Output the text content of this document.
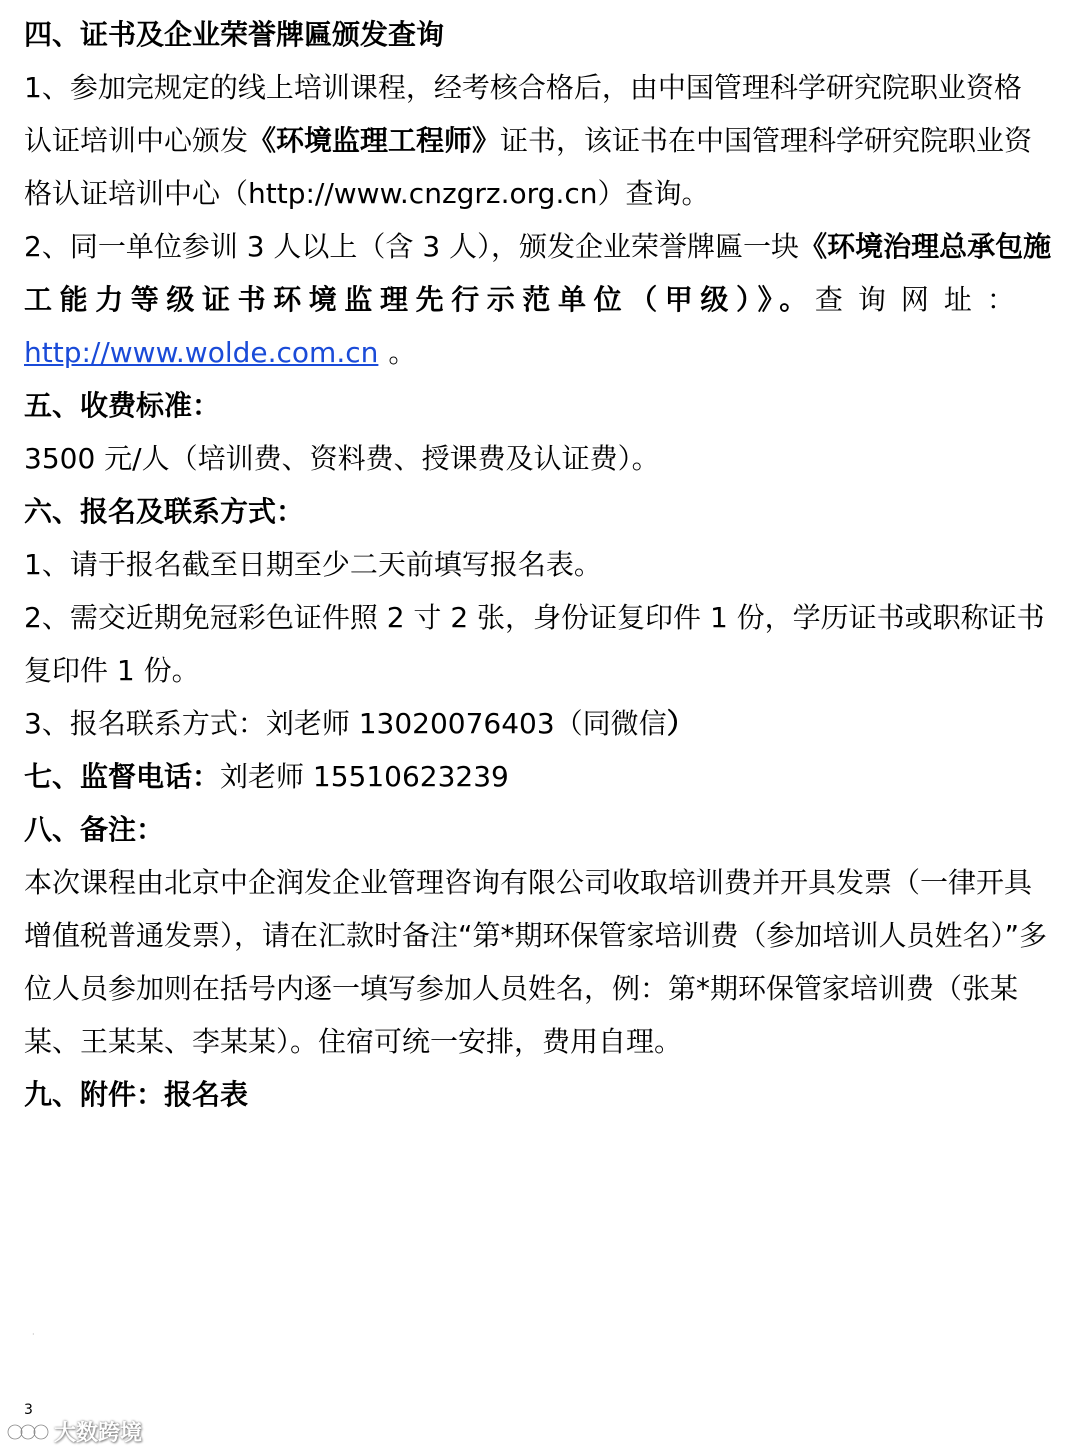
四、证书及企业荣誉牌匾颁发查询
1、参加完规定的线上培训课程，经考核合格后，由中国管理科学研究院职业资格
认证培训中心颁发《环境监理工程师》证书，该证书在中国管理科学研究院职业资
格认证培训中心（http://www.cnzgrz.org.cn）查询。
2、同一单位参训 3 人以上（含 3 人），颁发企业荣誉牌匾一块《环境治理总承包施
工能力等级证书环境监理先行示范单位（甲级）》。查询网址：
http://www.wolde.com.cn 。
五、收费标准：
3500 元/人（培训费、资料费、授课费及认证费）。
六、报名及联系方式：
1、请于报名截至日期至少二天前填写报名表。
2、需交近期免冠彩色证件照 2 寸 2 张，身份证复印件 1 份，学历证书或职称证书
复印件 1 份。
3、报名联系方式：刘老师 13020076403（同微信）
七、监督电话：刘老师 15510623239
八、备注：
本次课程由北京中企润发企业管理咨询有限公司收取培训费并开具发票（一律开具
增值税普通发票），请在汇款时备注“第*期环保管家培训费（参加培训人员姓名）”多
位人员参加则在括号内逐一填写参加人员姓名，例：第*期环保管家培训费（张某
某、王某某、李某某）。住宿可统一安排，费用自理。
九、附件：报名表
·
3
大数跨境
